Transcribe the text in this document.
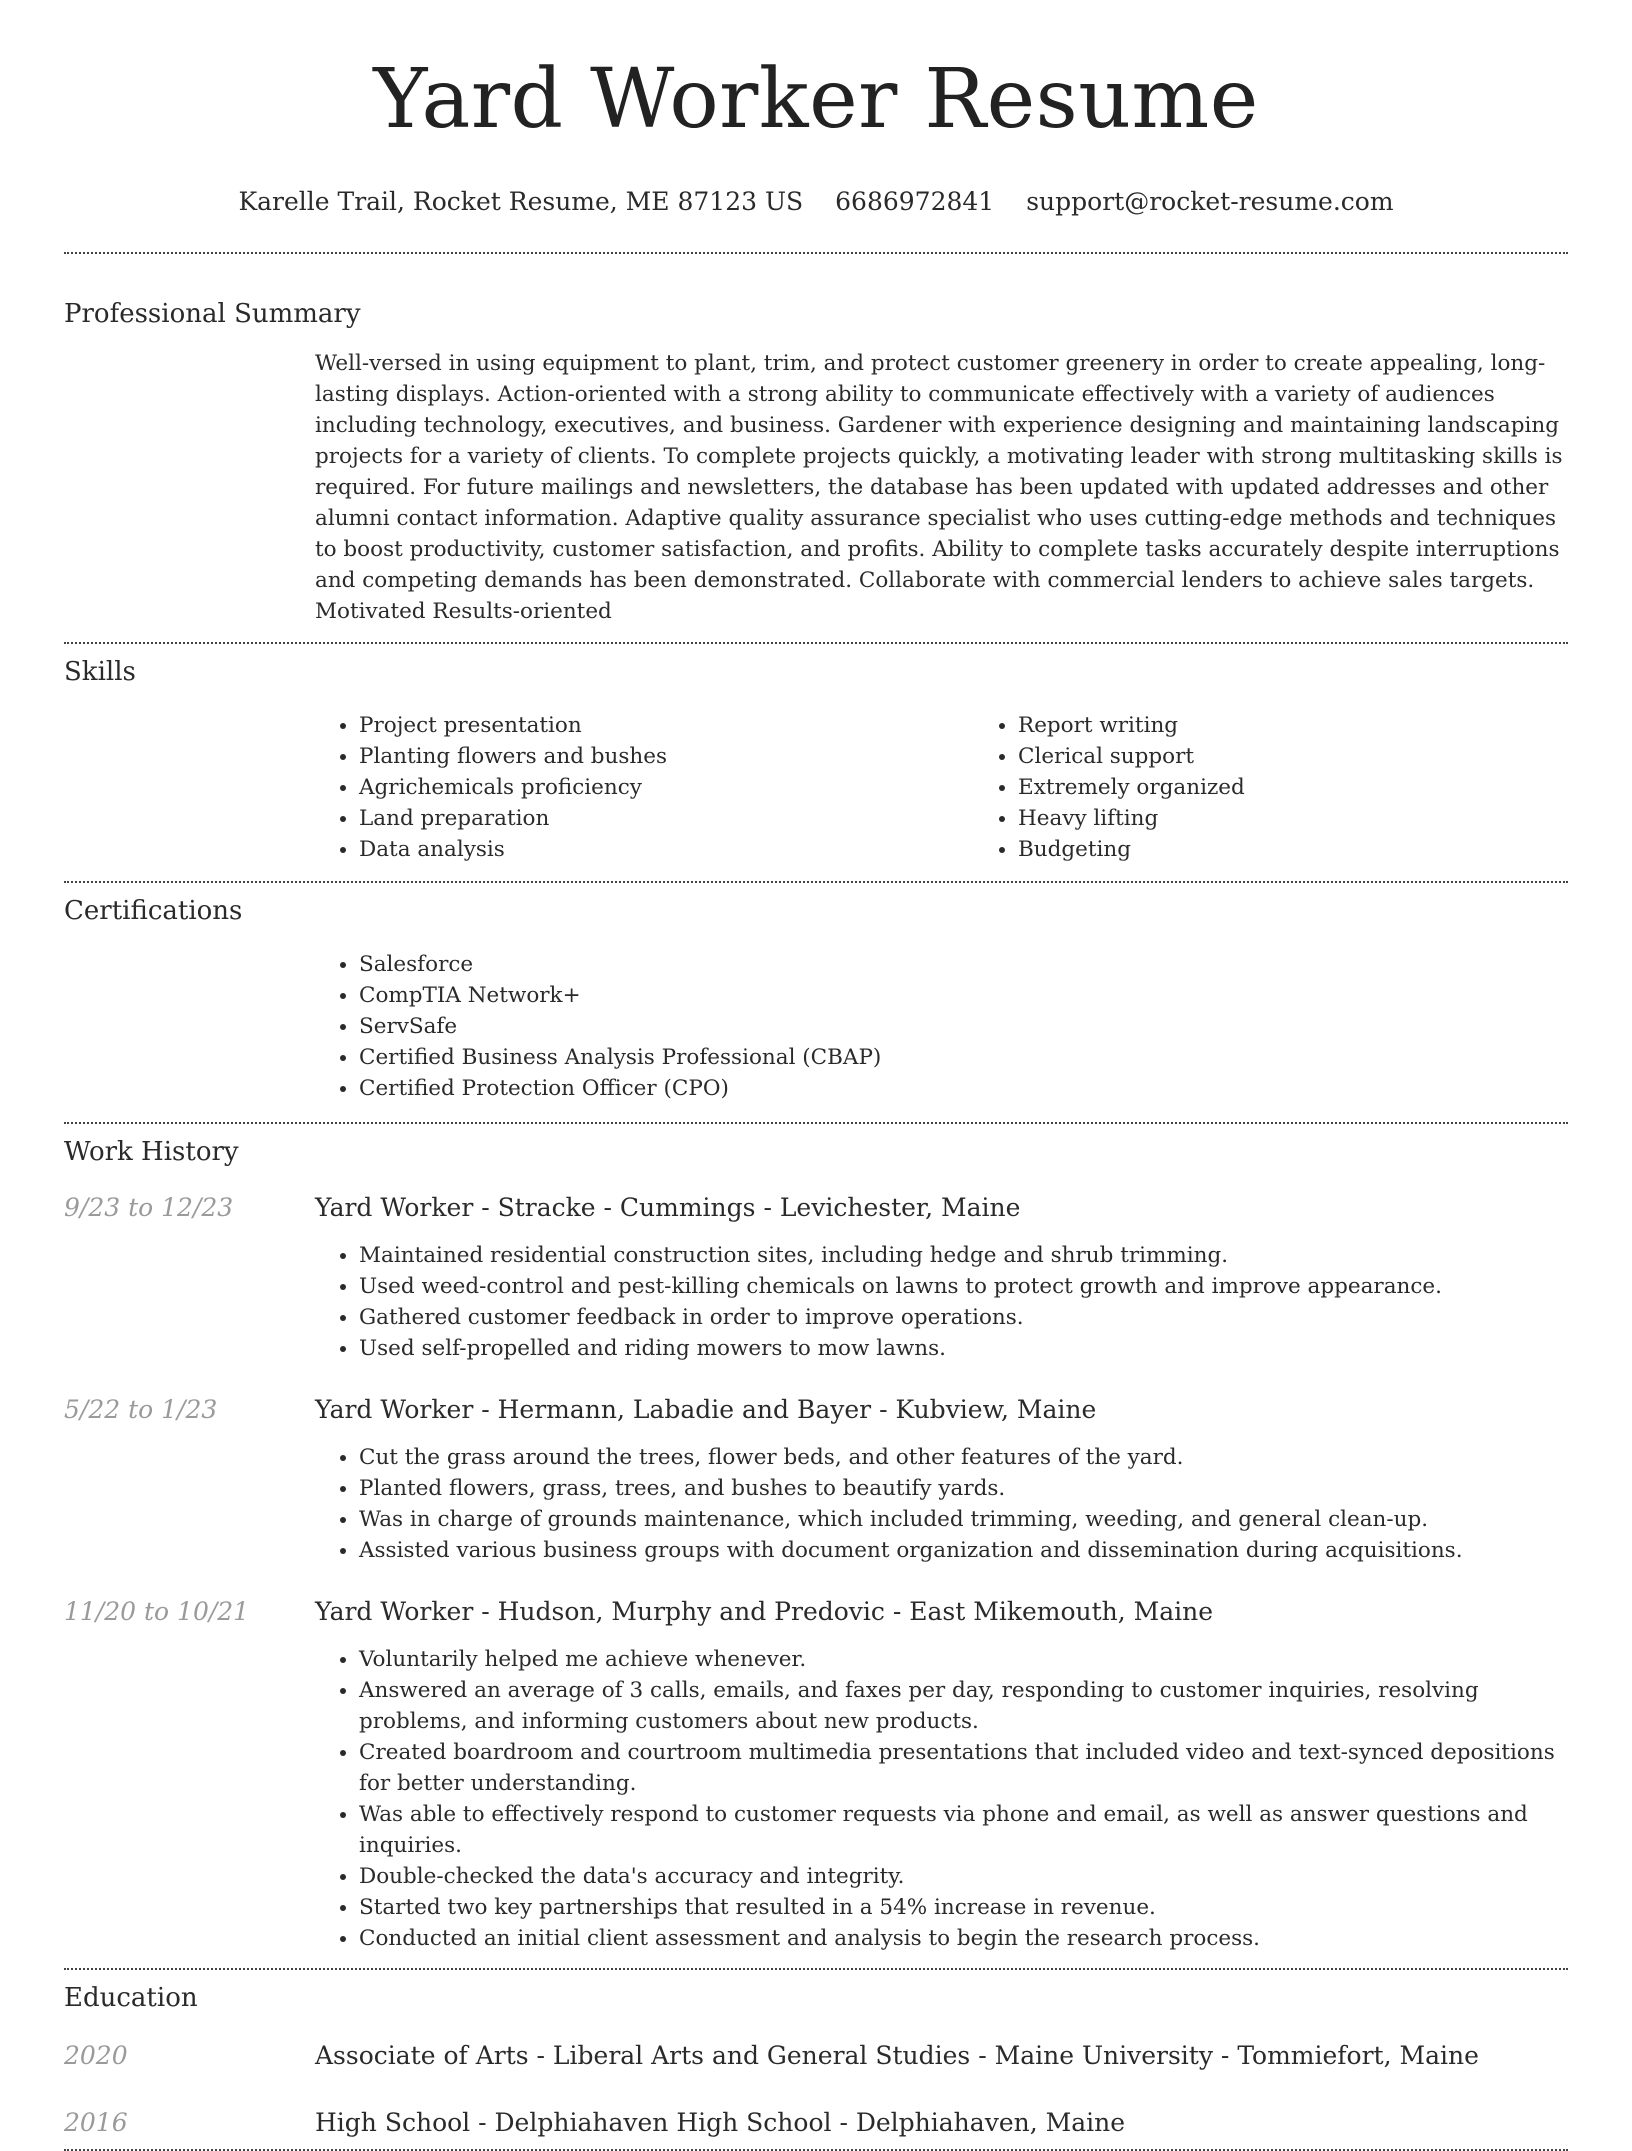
Yard Worker Resume
Karelle Trail, Rocket Resume, ME 87123 US 6686972841 support@rocket-resume.com
Professional Summary

Well-versed in using equipment to plant, trim, and protect customer greenery in order to create appealing, long-lasting displays. Action-oriented with a strong ability to communicate effectively with a variety of audiences including technology, executives, and business. Gardener with experience designing and maintaining landscaping projects for a variety of clients. To complete projects quickly, a motivating leader with strong multitasking skills is required. For future mailings and newsletters, the database has been updated with updated addresses and other alumni contact information. Adaptive quality assurance specialist who uses cutting-edge methods and techniques to boost productivity, customer satisfaction, and profits. Ability to complete tasks accurately despite interruptions and competing demands has been demonstrated. Collaborate with commercial lenders to achieve sales targets. Motivated Results-oriented

Skills
• Project presentation
• Planting flowers and bushes
• Agrichemicals proficiency
• Land preparation
• Data analysis
• Report writing
• Clerical support
• Extremely organized
• Heavy lifting
• Budgeting
Certifications
• Salesforce
• CompTIA Network+
• ServSafe
• Certified Business Analysis Professional (CBAP)
• Certified Protection Officer (CPO)
Work History
9/23 to 12/23	Yard Worker - Stracke - Cummings - Levichester, Maine
• Maintained residential construction sites, including hedge and shrub trimming.
• Used weed-control and pest-killing chemicals on lawns to protect growth and improve appearance.
• Gathered customer feedback in order to improve operations.
• Used self-propelled and riding mowers to mow lawns.
5/22 to 1/23	Yard Worker - Hermann, Labadie and Bayer - Kubview, Maine
• Cut the grass around the trees, flower beds, and other features of the yard.
• Planted flowers, grass, trees, and bushes to beautify yards.
• Was in charge of grounds maintenance, which included trimming, weeding, and general clean-up.
• Assisted various business groups with document organization and dissemination during acquisitions.
11/20 to 10/21	Yard Worker - Hudson, Murphy and Predovic - East Mikemouth, Maine
• Voluntarily helped me achieve whenever.
• Answered an average of 3 calls, emails, and faxes per day, responding to customer inquiries, resolving problems, and informing customers about new products.
• Created boardroom and courtroom multimedia presentations that included video and text-synced depositions for better understanding.
• Was able to effectively respond to customer requests via phone and email, as well as answer questions and inquiries.
• Double-checked the data's accuracy and integrity.
• Started two key partnerships that resulted in a 54% increase in revenue.
• Conducted an initial client assessment and analysis to begin the research process.
Education
2020	Associate of Arts - Liberal Arts and General Studies - Maine University - Tommiefort, Maine
2016	High School - Delphiahaven High School - Delphiahaven, Maine
